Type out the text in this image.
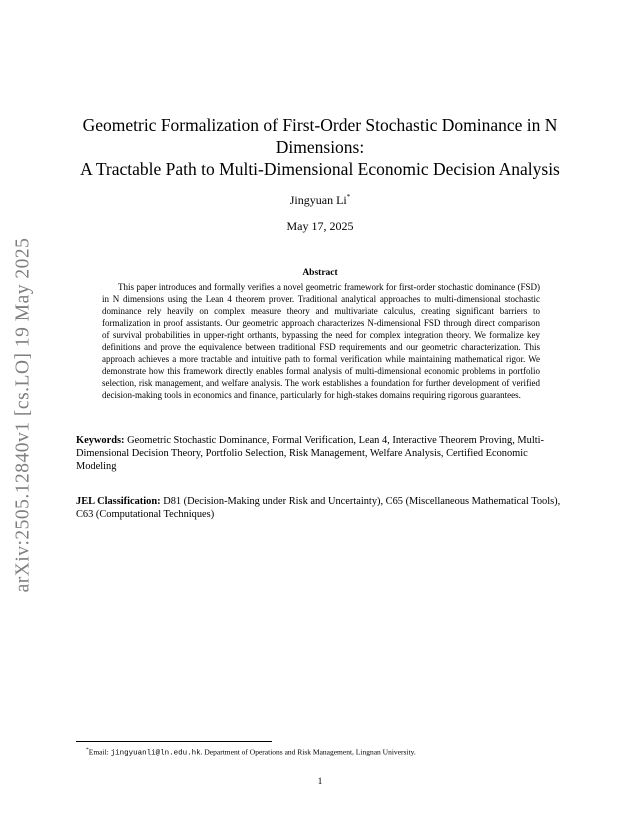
arXiv:2505.12840v1 [cs.LO] 19 May 2025
Geometric Formalization of First-Order Stochastic Dominance in N
Dimensions:
A Tractable Path to Multi-Dimensional Economic Decision Analysis
Jingyuan Li*
May 17, 2025
Abstract
This paper introduces and formally verifies a novel geometric framework for first-order stochastic dominance (FSD) in N dimensions using the Lean 4 theorem prover. Traditional analytical approaches to multi-dimensional stochastic dominance rely heavily on complex measure theory and multivariate calculus, creating significant barriers to formalization in proof assistants. Our geometric approach characterizes N-dimensional FSD through direct comparison of survival probabilities in upper-right orthants, bypassing the need for complex integration theory. We formalize key definitions and prove the equivalence between traditional FSD requirements and our geometric characterization. This approach achieves a more tractable and intuitive path to formal verification while maintaining mathematical rigor. We demonstrate how this framework directly enables formal analysis of multi-dimensional economic problems in portfolio selection, risk management, and welfare analysis. The work establishes a foundation for further development of verified decision-making tools in economics and finance, particularly for high-stakes domains requiring rigorous guarantees.
Keywords: Geometric Stochastic Dominance, Formal Verification, Lean 4, Interactive Theorem Proving, Multi-Dimensional Decision Theory, Portfolio Selection, Risk Management, Welfare Analysis, Certified Economic Modeling
JEL Classification: D81 (Decision-Making under Risk and Uncertainty), C65 (Miscellaneous Mathematical Tools), C63 (Computational Techniques)
*Email: jingyuanli@ln.edu.hk. Department of Operations and Risk Management, Lingnan University.
1
